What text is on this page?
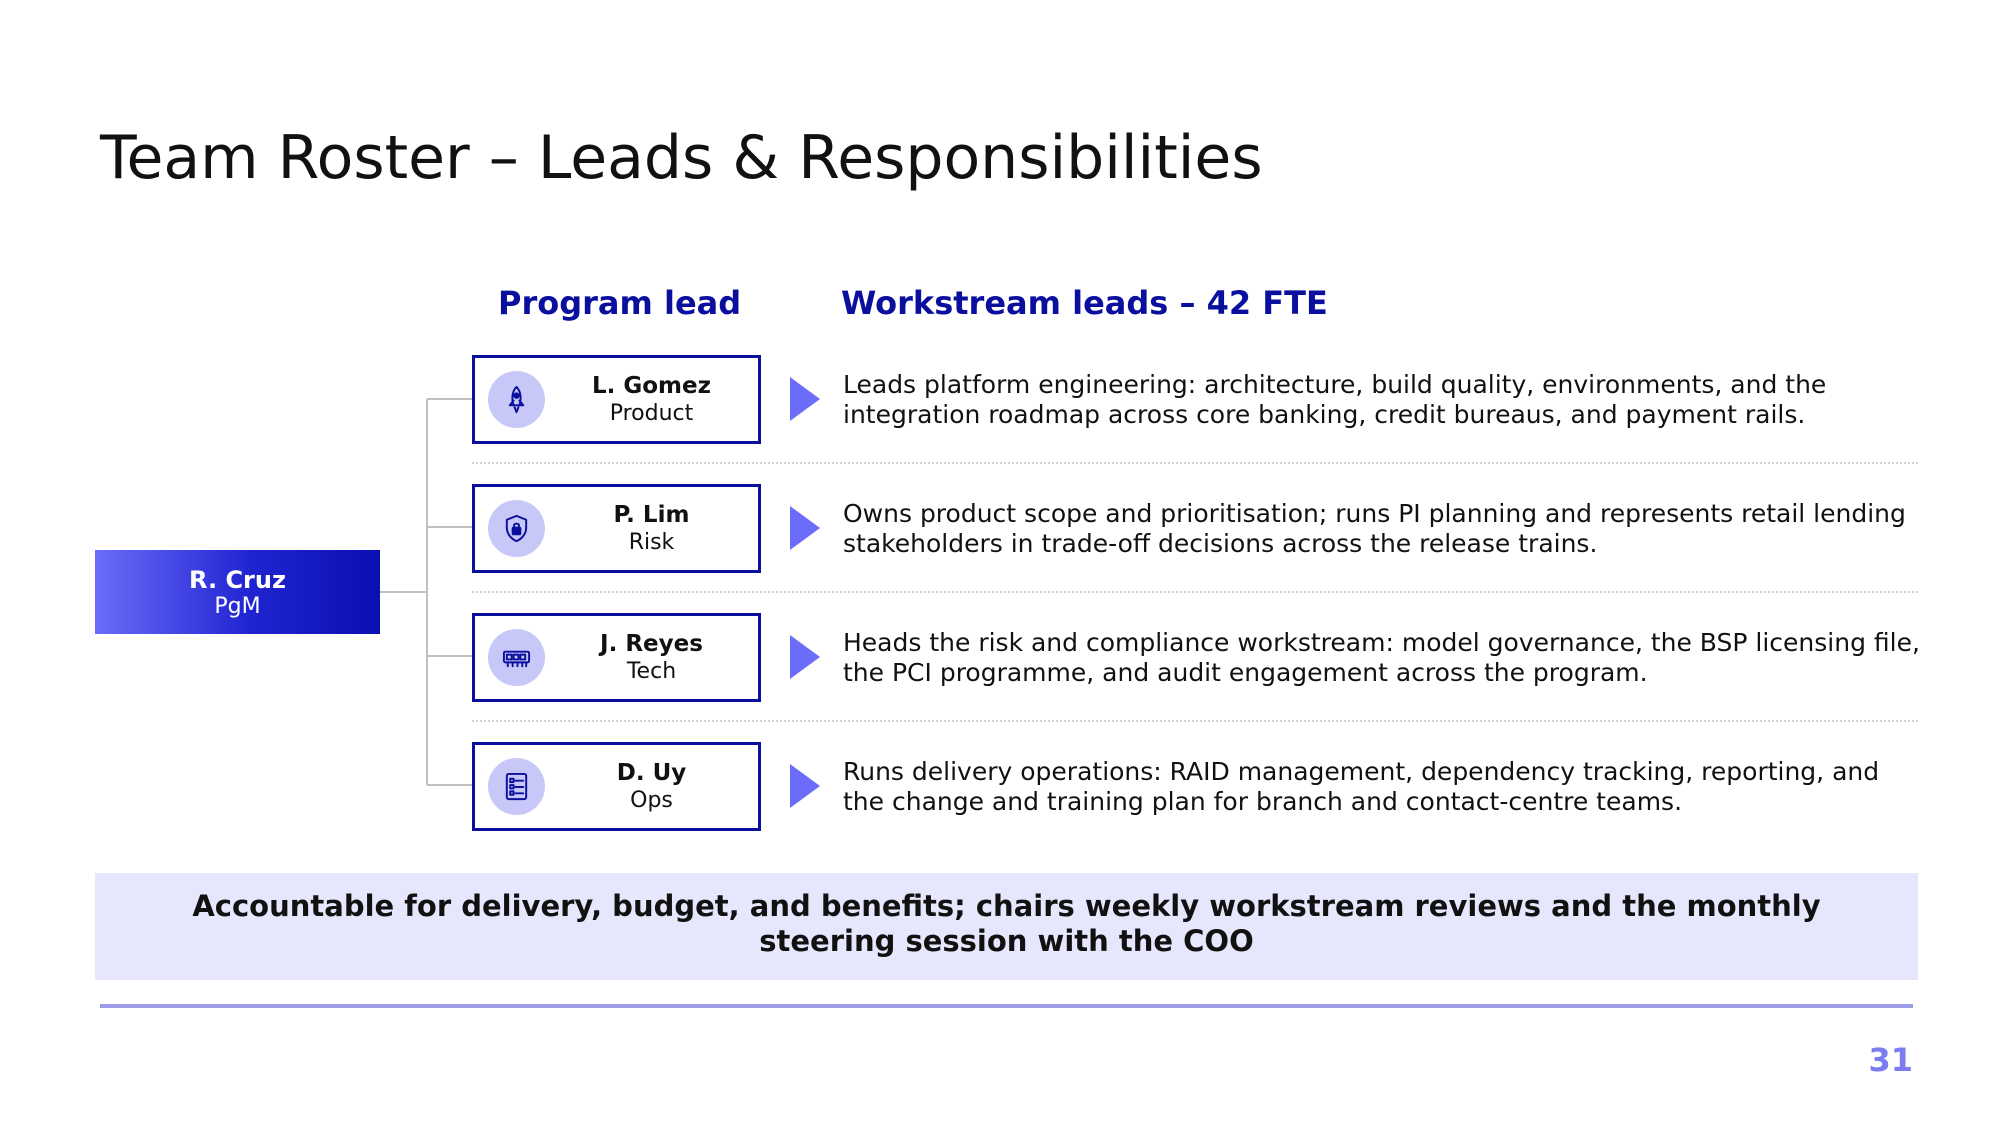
Team Roster – Leads & Responsibilities
Program lead	Workstream leads – 42 FTE
R. Cruz
PgM
L. Gomez
Product
Leads platform engineering: architecture, build quality, environments, and the integration roadmap across core banking, credit bureaus, and payment rails.
P. Lim
Risk
Owns product scope and prioritisation; runs PI planning and represents retail lending stakeholders in trade-off decisions across the release trains.
J. Reyes
Tech
Heads the risk and compliance workstream: model governance, the BSP licensing file, the PCI programme, and audit engagement across the program.
D. Uy
Ops
Runs delivery operations: RAID management, dependency tracking, reporting, and the change and training plan for branch and contact-centre teams.
Accountable for delivery, budget, and benefits; chairs weekly workstream reviews and the monthly steering session with the COO
31
